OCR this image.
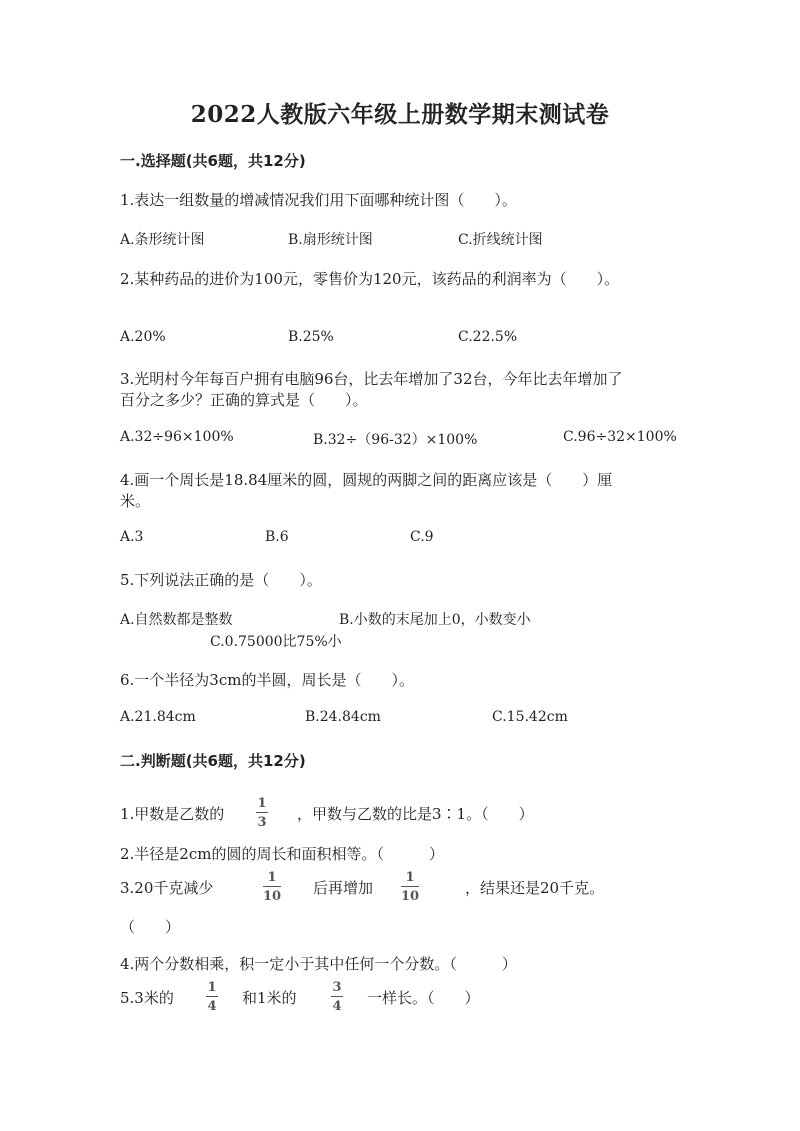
2022人教版六年级上册数学期末测试卷
一.选择题(共6题，共12分)
1.表达一组数量的增减情况我们用下面哪种统计图（　　）。
A.条形统计图	B.扇形统计图	C.折线统计图
2.某种药品的进价为100元，零售价为120元，该药品的利润率为（　　）。
A.20%	B.25%	C.22.5%
3.光明村今年每百户拥有电脑96台，比去年增加了32台，今年比去年增加了
百分之多少？正确的算式是（　　）。
A.32÷96×100%	B.32÷（96-32）×100%	C.96÷32×100%
4.画一个周长是18.84厘米的圆，圆规的两脚之间的距离应该是（　　）厘
米。
A.3	B.6	C.9
5.下列说法正确的是（　　）。
A.自然数都是整数	B.小数的末尾加上0，小数变小
C.0.75000比75%小
6.一个半径为3cm的半圆，周长是（　　）。
A.21.84cm	B.24.84cm	C.15.42cm
二.判断题(共6题，共12分)
1.甲数是乙数的
1
3 ，甲数与乙数的比是3∶1。（　　）
2.半径是2cm的圆的周长和面积相等。（　　　）
3.20千克减少
1
10 后再增加
1
10	，结果还是20千克。
（　　）
4.两个分数相乘，积一定小于其中任何一个分数。（　　　）
5.3米的
1
4 和1米的
3
4 一样长。（　　）
